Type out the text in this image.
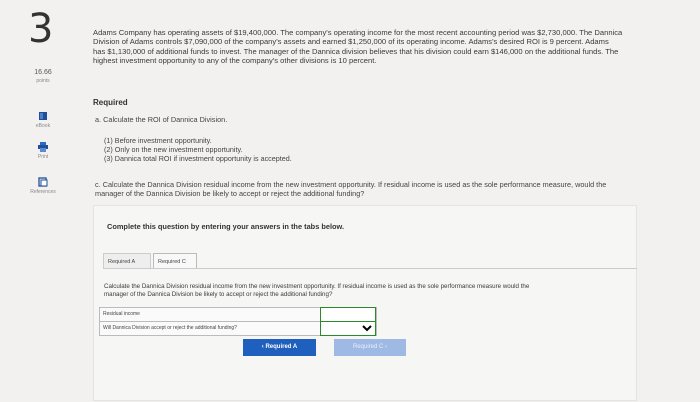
3
16.66
points
eBook
Print
References
Adams Company has operating assets of $19,400,000. The company's operating income for the most recent accounting period was $2,730,000. The Dannica Division of Adams controls $7,090,000 of the company's assets and earned $1,250,000 of its operating income. Adams's desired ROI is 9 percent. Adams has $1,130,000 of additional funds to invest. The manager of the Dannica division believes that his division could earn $146,000 on the additional funds. The highest investment opportunity to any of the company's other divisions is 10 percent.
Required
a. Calculate the ROI of Dannica Division.
(1) Before investment opportunity.
(2) Only on the new investment opportunity.
(3) Dannica total ROI if investment opportunity is accepted.
c. Calculate the Dannica Division residual income from the new investment opportunity. If residual income is used as the sole performance measure, would the manager of the Dannica Division be likely to accept or reject the additional funding?
Complete this question by entering your answers in the tabs below.
Required A	Required C
Calculate the Dannica Division residual income from the new investment opportunity. If residual income is used as the sole performance measure would the manager of the Dannica Division be likely to accept or reject the additional funding?
Residual income
Will Dannica Division accept or reject the additional funding?
‹ Required A	Required C ›
